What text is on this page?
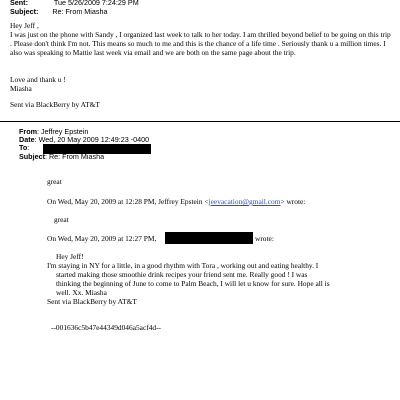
Sent:	Tue 5/26/2009 7:24:29 PM
Subject: Re: From Miasha
Hey Jeff ,
I was just on the phone with Sandy , I organized last week to talk to her today. I am thrilled beyond belief to be going on this trip . Please don't think I'm not. This means so much to me and this is the chance of a life time . Seriously thank u a million times. I also was speaking to Mattie last week via email and we are both on the same page about the trip.
Love and thank u !
Miasha
Sent via BlackBerry by AT&T
From: Jeffrey Epstein
Date: Wed, 20 May 2009 12:49:23 -0400
To:
Subject: Re: From Miasha
great
On Wed, May 20, 2009 at 12:28 PM, Jeffrey Epstein <jeevacation@gmail.com> wrote:
great
On Wed, May 20, 2009 at 12:27 PM,	wrote:
Hey Jeff!
I'm staying in NY for a little, in a good rhythm with Tora , working out and eating healthy. I
started making those smoothie drink recipes your friend sent me. Really good ! I was
thinking the beginning of June to come to Palm Beach, I will let u know for sure. Hope all is
well. Xx. Miasha
Sent via BlackBerry by AT&T
--001636c5b47e44349d046a5acf4d--
